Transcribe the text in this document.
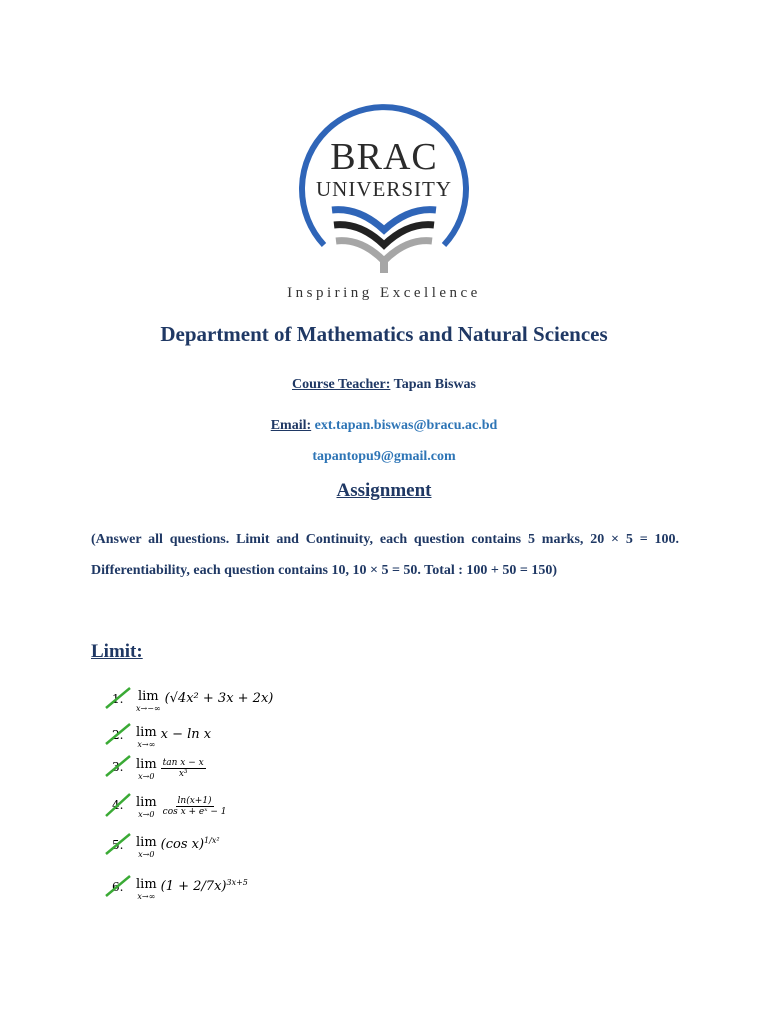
BRAC
UNIVERSITY
Inspiring Excellence
Department of Mathematics and Natural Sciences
Course Teacher: Tapan Biswas
Email: ext.tapan.biswas@bracu.ac.bd
tapantopu9@gmail.com
Assignment
(Answer all questions. Limit and Continuity, each question contains 5 marks, 20 × 5 = 100. Differentiability, each question contains 10, 10 × 5 = 50. Total : 100 + 50 = 150)
Limit:
1.	lim
x→−∞
(√4x² + 3x + 2x)
2. lim
x→∞
x − ln x
3. lim
$x\to 0 \frac{\text{tan x − x}}{\text{x³}}$
4. lim
$x\to 0 \frac{\ln(x+1)}{\text{cos x + eˣ − 1}}$
5. lim
x→0
(cos x) 1/x²
6. lim
x→∞
(1 + 2/7x) 3x+5
